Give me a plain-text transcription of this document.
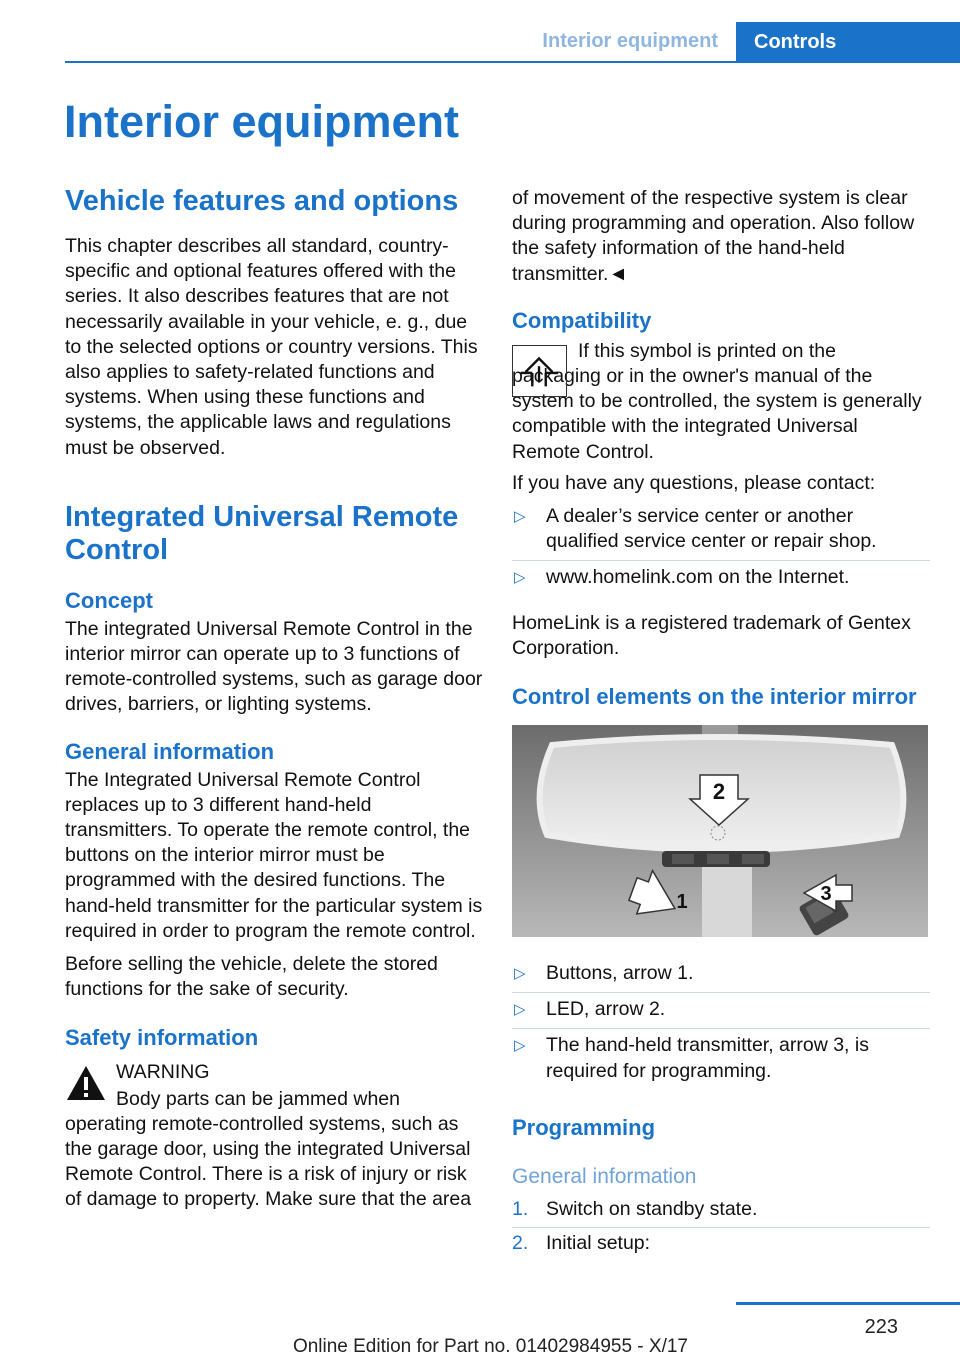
Interior equipment	Controls
Interior equipment
Vehicle features and options

This chapter describes all standard, country-specific and optional features offered with the series. It also describes features that are not necessarily available in your vehicle, e. g., due to the selected options or country versions. This also applies to safety-related functions and systems. When using these functions and systems, the applicable laws and regulations must be observed.

Integrated Universal Remote Control
Concept

The integrated Universal Remote Control in the interior mirror can operate up to 3 functions of remote-controlled systems, such as garage door drives, barriers, or lighting systems.

General information

The Integrated Universal Remote Control replaces up to 3 different hand-held transmitters. To operate the remote control, the buttons on the interior mirror must be programmed with the desired functions. The hand-held transmitter for the particular system is required in order to program the remote control.

Before selling the vehicle, delete the stored functions for the sake of security.

Safety information

WARNING

Body parts can be jammed when operating remote-controlled systems, such as the garage door, using the integrated Universal Remote Control. There is a risk of injury or risk of damage to property. Make sure that the area

of movement of the respective system is clear during programming and operation. Also follow the safety information of the hand-held transmitter.◄

Compatibility

If this symbol is printed on the packaging or in the owner's manual of the system to be controlled, the system is generally compatible with the integrated Universal Remote Control.

If you have any questions, please contact:

▷ A dealer’s service center or another qualified service center or repair shop.
▷ www.homelink.com on the Internet.

HomeLink is a registered trademark of Gentex Corporation.

Control elements on the interior mirror
2
1	3
▷ Buttons, arrow 1.
▷ LED, arrow 2.
▷ The hand-held transmitter, arrow 3, is required for programming.
Programming
General information
1. Switch on standby state.
2. Initial setup:
223
Online Edition for Part no. 01402984955 - X/17
